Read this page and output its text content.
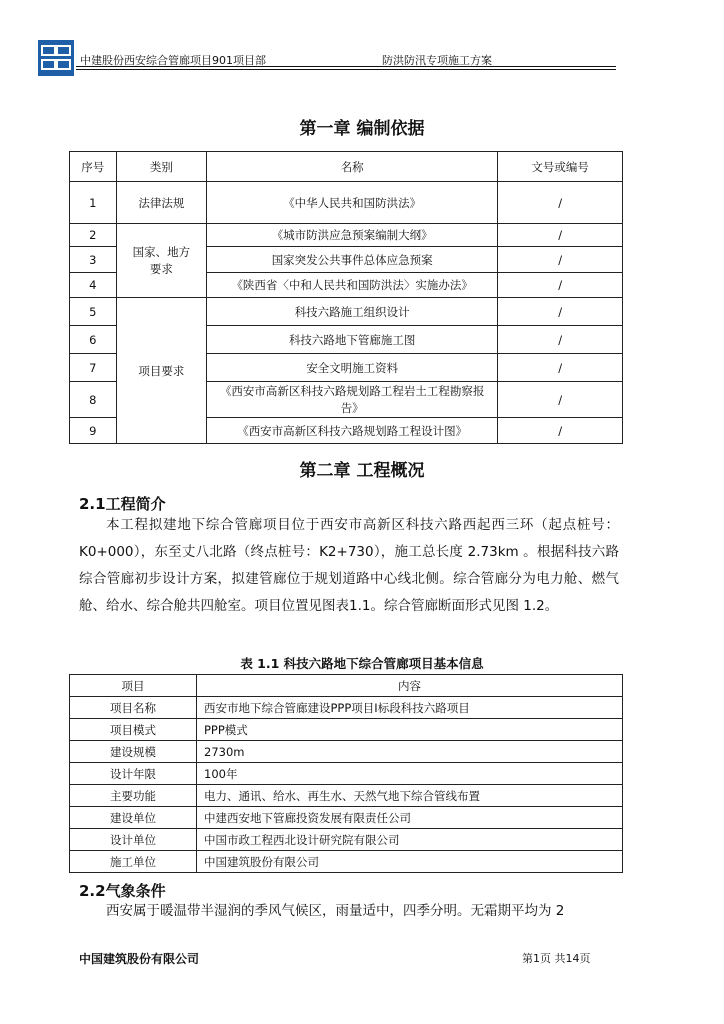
中建股份西安综合管廊项目901项目部	防洪防汛专项施工方案
第一章 编制依据
序号	类别	名称	文号或编号
1	法律法规	《中华人民共和国防洪法》	/
2	国家、地方要求	《城市防洪应急预案编制大纲》	/
3		国家突发公共事件总体应急预案	/
4		《陕西省〈中和人民共和国防洪法〉实施办法》	/
5	项目要求	科技六路施工组织设计	/
6		科技六路地下管廊施工图	/
7		安全文明施工资料	/
8		《西安市高新区科技六路规划路工程岩土工程勘察报告》	/
9		《西安市高新区科技六路规划路工程设计图》	/
第二章 工程概况
2.1工程简介
本工程拟建地下综合管廊项目位于西安市高新区科技六路西起西三环（起点桩号： K0+000），东至丈八北路（终点桩号：K2+730），施工总长度 2.73km 。根据科技六路综合管廊初步设计方案，拟建管廊位于规划道路中心线北侧。综合管廊分为电力舱、燃气舱、给水、综合舱共四舱室。项目位置见图表1.1。综合管廊断面形式见图 1.2。
表 1.1 科技六路地下综合管廊项目基本信息
项目	内容
项目名称	西安市地下综合管廊建设PPP项目Ⅰ标段科技六路项目
项目模式	PPP模式
建设规模	2730m
设计年限	100年
主要功能	电力、通讯、给水、再生水、天然气地下综合管线布置
建设单位	中建西安地下管廊投资发展有限责任公司
设计单位	中国市政工程西北设计研究院有限公司
施工单位	中国建筑股份有限公司
2.2气象条件
西安属于暖温带半湿润的季风气候区，雨量适中，四季分明。无霜期平均为 2
中国建筑股份有限公司	第1页 共14页
